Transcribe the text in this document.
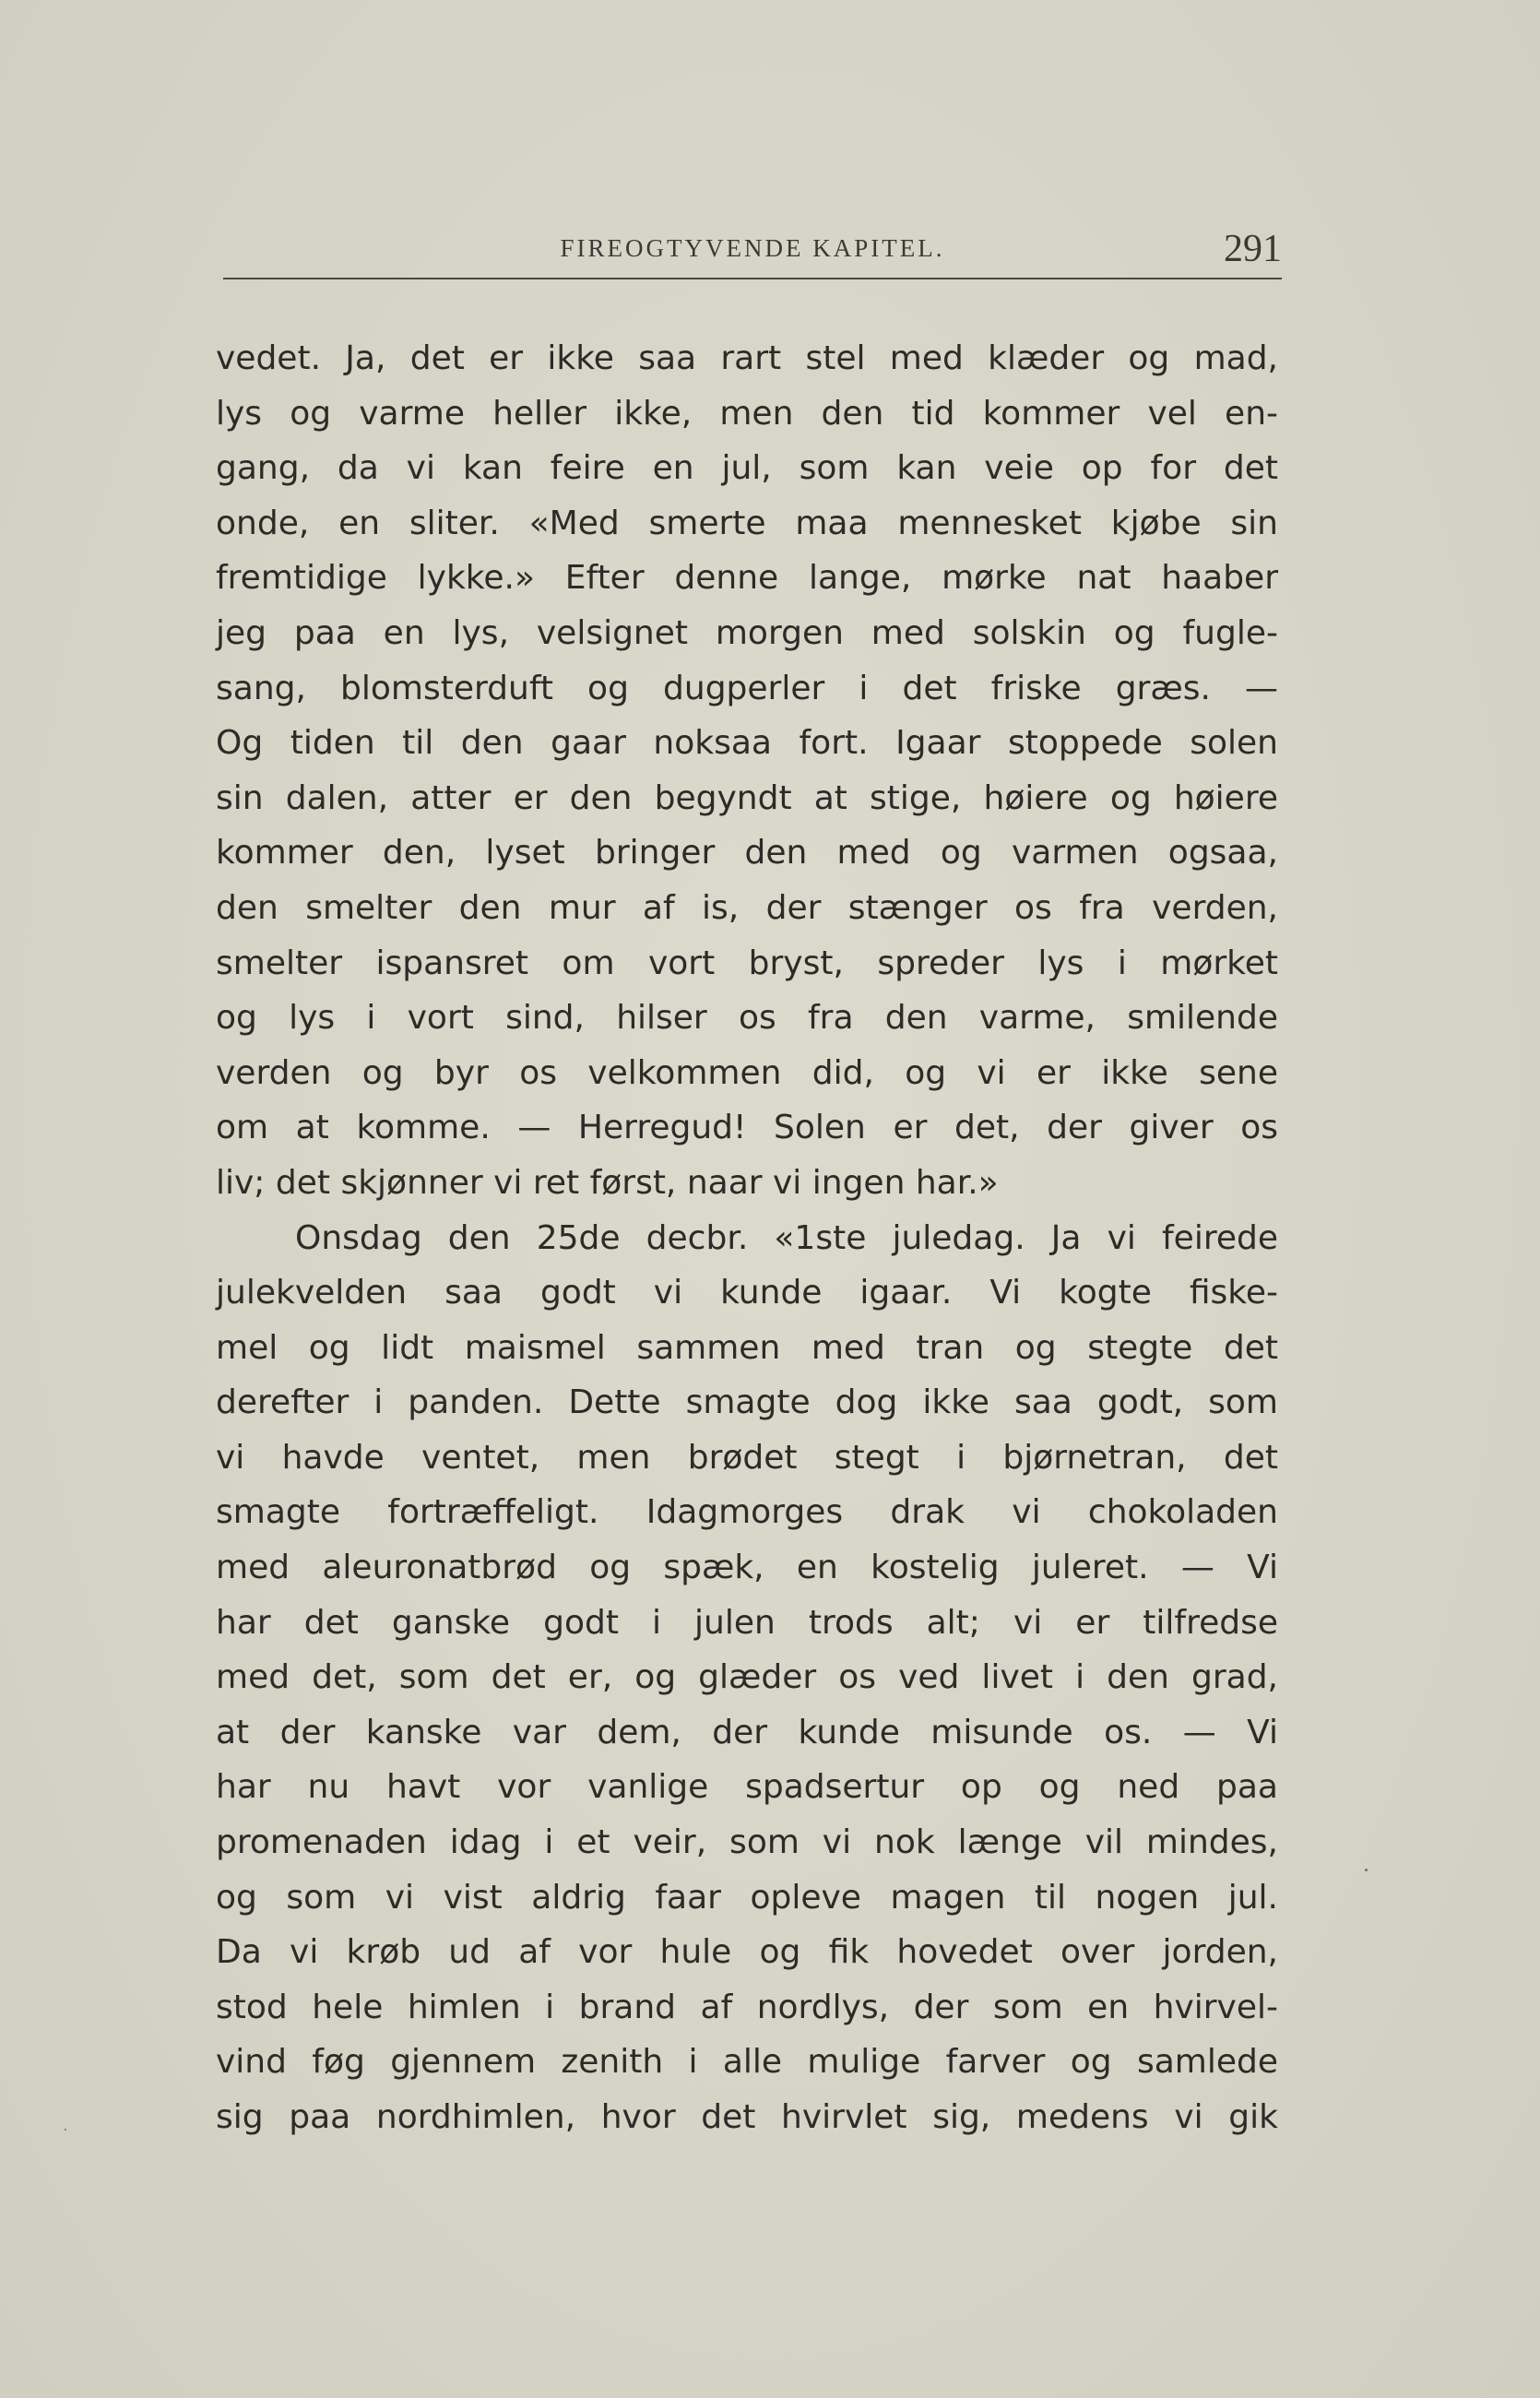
FIREOGTYVENDE KAPITEL.	291
vedet. Ja, det er ikke saa rart stel med klæder og mad,
lys og varme heller ikke, men den tid kommer vel en-
gang, da vi kan feire en jul, som kan veie op for det
onde, en sliter. «Med smerte maa mennesket kjøbe sin
fremtidige lykke.» Efter denne lange, mørke nat haaber
jeg paa en lys, velsignet morgen med solskin og fugle-
sang, blomsterduft og dugperler i det friske græs. —
Og tiden til den gaar noksaa fort. Igaar stoppede solen
sin dalen, atter er den begyndt at stige, høiere og høiere
kommer den, lyset bringer den med og varmen ogsaa,
den smelter den mur af is, der stænger os fra verden,
smelter ispansret om vort bryst, spreder lys i mørket
og lys i vort sind, hilser os fra den varme, smilende
verden og byr os velkommen did, og vi er ikke sene
om at komme. — Herregud! Solen er det, der giver os
liv; det skjønner vi ret først, naar vi ingen har.»
Onsdag den 25de decbr. «1ste juledag. Ja vi feirede
julekvelden saa godt vi kunde igaar. Vi kogte fiske-
mel og lidt maismel sammen med tran og stegte det
derefter i panden. Dette smagte dog ikke saa godt, som
vi havde ventet, men brødet stegt i bjørnetran, det
smagte fortræffeligt. Idagmorges drak vi chokoladen
med aleuronatbrød og spæk, en kostelig juleret. — Vi
har det ganske godt i julen trods alt; vi er tilfredse
med det, som det er, og glæder os ved livet i den grad,
at der kanske var dem, der kunde misunde os. — Vi
har nu havt vor vanlige spadsertur op og ned paa
promenaden idag i et veir, som vi nok længe vil mindes,
og som vi vist aldrig faar opleve magen til nogen jul.
Da vi krøb ud af vor hule og fik hovedet over jorden,
stod hele himlen i brand af nordlys, der som en hvirvel-
vind føg gjennem zenith i alle mulige farver og samlede
sig paa nordhimlen, hvor det hvirvlet sig, medens vi gik
